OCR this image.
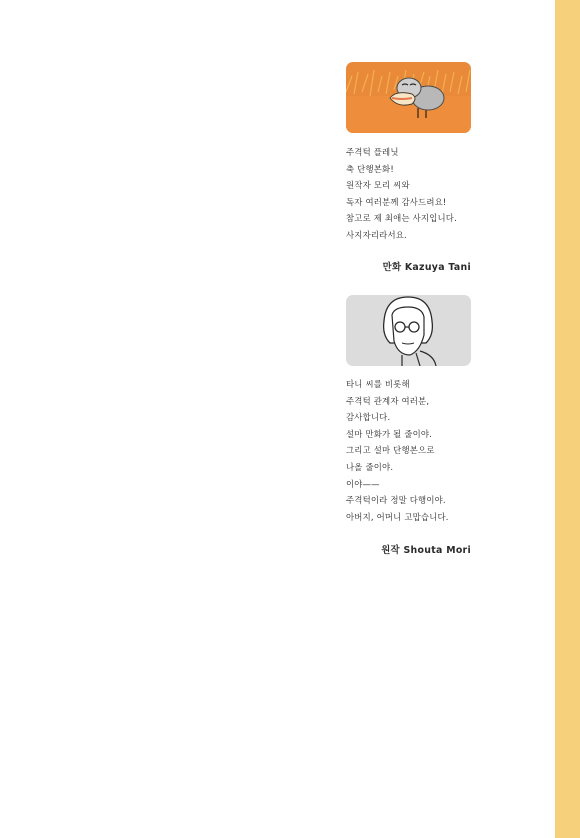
주격턱 플레닛
축 단행본화!
원작자 모리 씨와
독자 여러분께 감사드려요!
참고로 제 최애는 사지입니다.
사지자리라서요.
만화 Kazuya Tani
타니 씨를 비롯해
주격턱 관계자 여러분,
감사합니다.
설마 만화가 될 줄이야.
그리고 설마 단행본으로
나올 줄이야.
이야——
주격턱이라 정말 다행이야.
아버지, 어머니 고맙습니다.
원작 Shouta Mori
